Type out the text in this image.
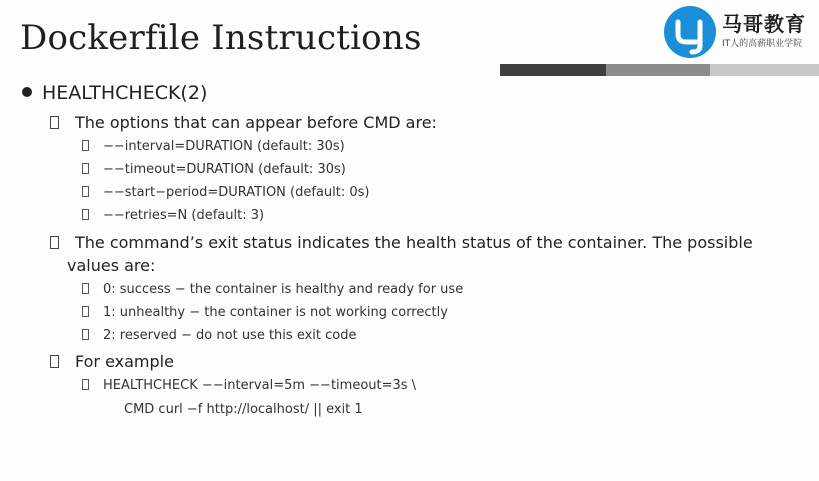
Dockerfile Instructions	马哥教育
IT人的高薪职业学院
HEALTHCHECK(2)
The options that can appear before CMD are:
−−interval=DURATION (default: 30s)
−−timeout=DURATION (default: 30s)
−−start−period=DURATION (default: 0s)
−−retries=N (default: 3)
The command’s exit status indicates the health status of the container. The possible
values are:
0: success − the container is healthy and ready for use
1: unhealthy − the container is not working correctly
2: reserved − do not use this exit code
For example
HEALTHCHECK −−interval=5m −−timeout=3s \
CMD curl −f http://localhost/ || exit 1
